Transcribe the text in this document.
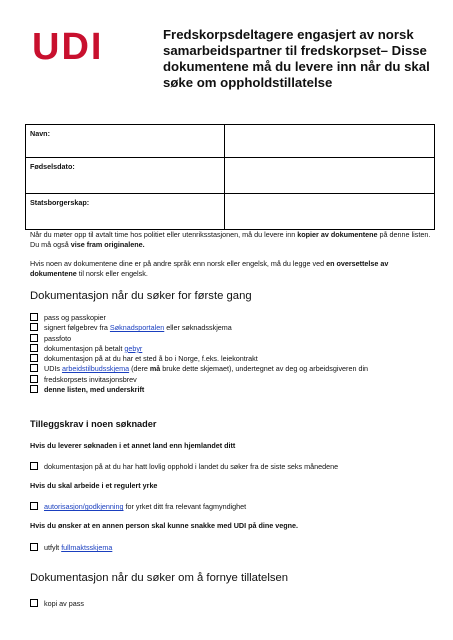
UDI	Fredskorpsdeltagere engasjert av norsk samarbeidspartner til fredskorpset– Disse dokumentene må du levere inn når du skal søke om oppholdstillatelse
Navn:	
Fødselsdato:	
Statsborgerskap:	
Når du møter opp til avtalt time hos politiet eller utenriksstasjonen, må du levere inn kopier av dokumentene på denne listen. Du må også vise fram originalene.
Hvis noen av dokumentene dine er på andre språk enn norsk eller engelsk, må du legge ved en oversettelse av dokumentene til norsk eller engelsk.
Dokumentasjon når du søker for første gang
pass og passkopier
signert følgebrev fra Søknadsportalen eller søknadsskjema
passfoto
dokumentasjon på betalt gebyr
dokumentasjon på at du har et sted å bo i Norge, f.eks. leiekontrakt
UDIs arbeidstilbudsskjema (dere må bruke dette skjemaet), undertegnet av deg og arbeidsgiveren din
fredskorpsets invitasjonsbrev
denne listen, med underskrift
Tilleggskrav i noen søknader
Hvis du leverer søknaden i et annet land enn hjemlandet ditt
dokumentasjon på at du har hatt lovlig opphold i landet du søker fra de siste seks månedene
Hvis du skal arbeide i et regulert yrke
autorisasjon/godkjenning for yrket ditt fra relevant fagmyndighet
Hvis du ønsker at en annen person skal kunne snakke med UDI på dine vegne.
utfylt fullmaktsskjema
Dokumentasjon når du søker om å fornye tillatelsen
kopi av pass
